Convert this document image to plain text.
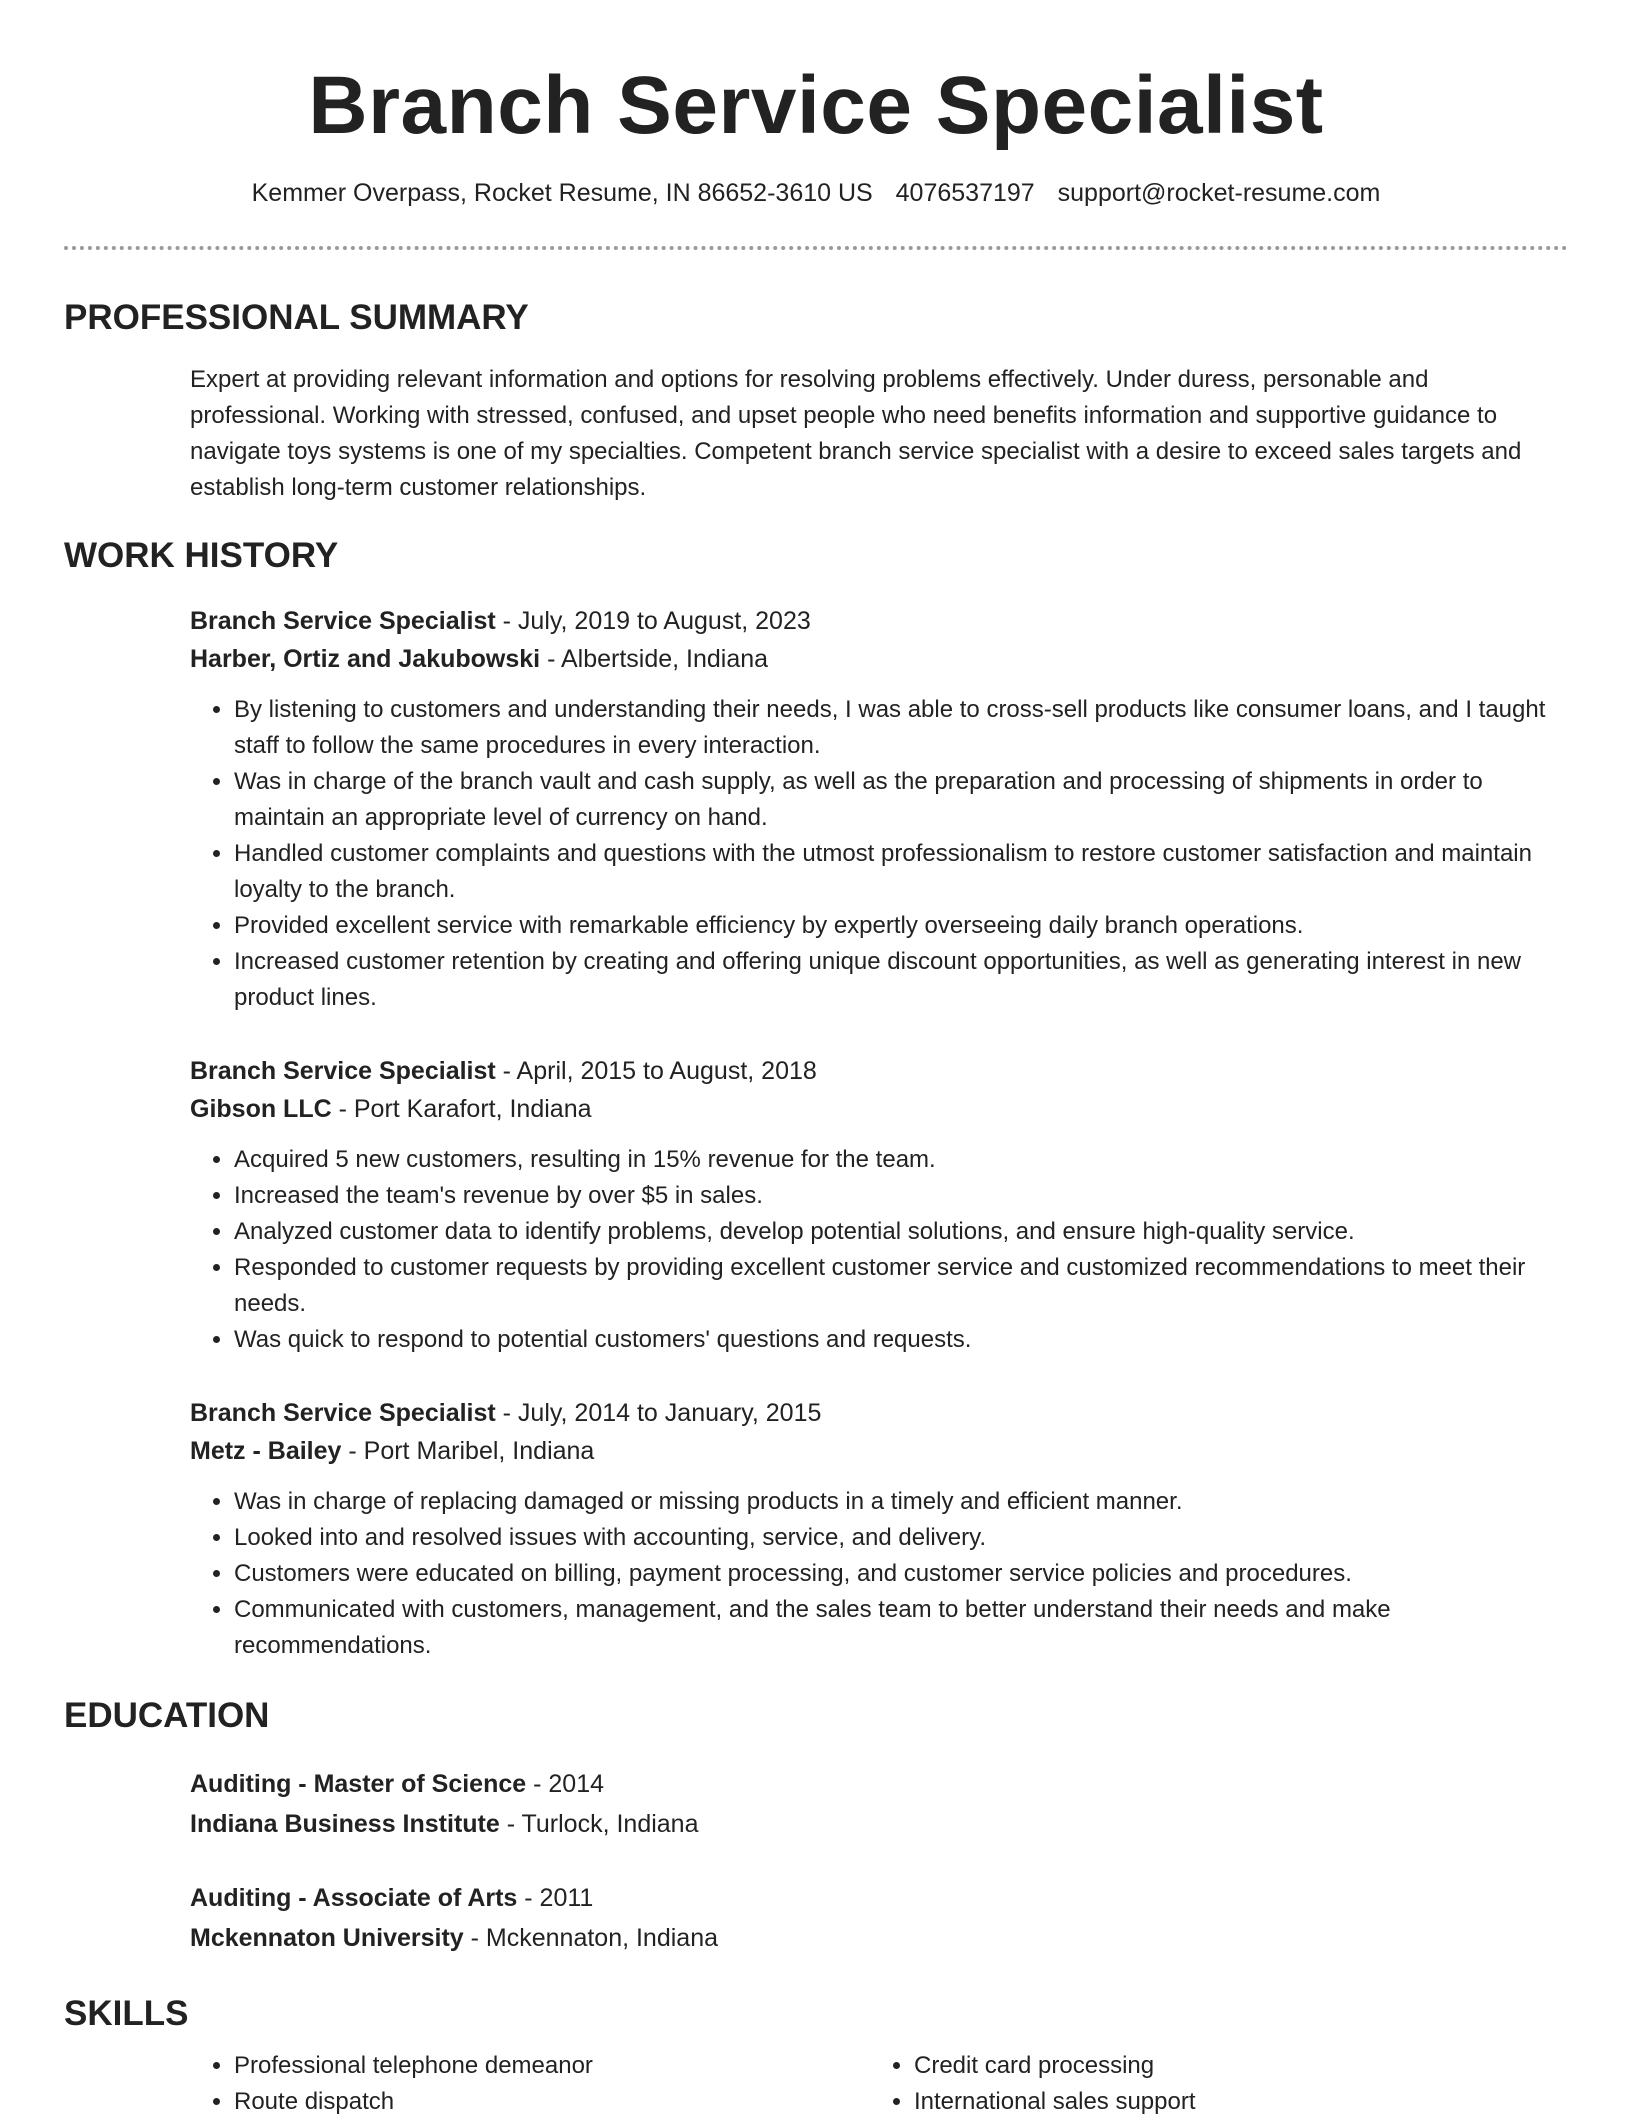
Branch Service Specialist
Kemmer Overpass, Rocket Resume, IN 86652-3610 US 4076537197 support@rocket-resume.com
PROFESSIONAL SUMMARY
Expert at providing relevant information and options for resolving problems effectively. Under duress, personable and professional. Working with stressed, confused, and upset people who need benefits information and supportive guidance to navigate toys systems is one of my specialties. Competent branch service specialist with a desire to exceed sales targets and establish long-term customer relationships.
WORK HISTORY
Branch Service Specialist - July, 2019 to August, 2023
Harber, Ortiz and Jakubowski - Albertside, Indiana
• By listening to customers and understanding their needs, I was able to cross-sell products like consumer loans, and I taught staff to follow the same procedures in every interaction.
• Was in charge of the branch vault and cash supply, as well as the preparation and processing of shipments in order to maintain an appropriate level of currency on hand.
• Handled customer complaints and questions with the utmost professionalism to restore customer satisfaction and maintain loyalty to the branch.
• Provided excellent service with remarkable efficiency by expertly overseeing daily branch operations.
• Increased customer retention by creating and offering unique discount opportunities, as well as generating interest in new product lines.
Branch Service Specialist - April, 2015 to August, 2018
Gibson LLC - Port Karafort, Indiana
• Acquired 5 new customers, resulting in 15% revenue for the team.
• Increased the team's revenue by over $5 in sales.
• Analyzed customer data to identify problems, develop potential solutions, and ensure high-quality service.
• Responded to customer requests by providing excellent customer service and customized recommendations to meet their needs.
• Was quick to respond to potential customers' questions and requests.
Branch Service Specialist - July, 2014 to January, 2015
Metz - Bailey - Port Maribel, Indiana
• Was in charge of replacing damaged or missing products in a timely and efficient manner.
• Looked into and resolved issues with accounting, service, and delivery.
• Customers were educated on billing, payment processing, and customer service policies and procedures.
• Communicated with customers, management, and the sales team to better understand their needs and make recommendations.
EDUCATION
Auditing - Master of Science - 2014
Indiana Business Institute - Turlock, Indiana
Auditing - Associate of Arts - 2011
Mckennaton University - Mckennaton, Indiana
SKILLS
• Professional telephone demeanor
• Route dispatch
• Credit card processing
• International sales support
